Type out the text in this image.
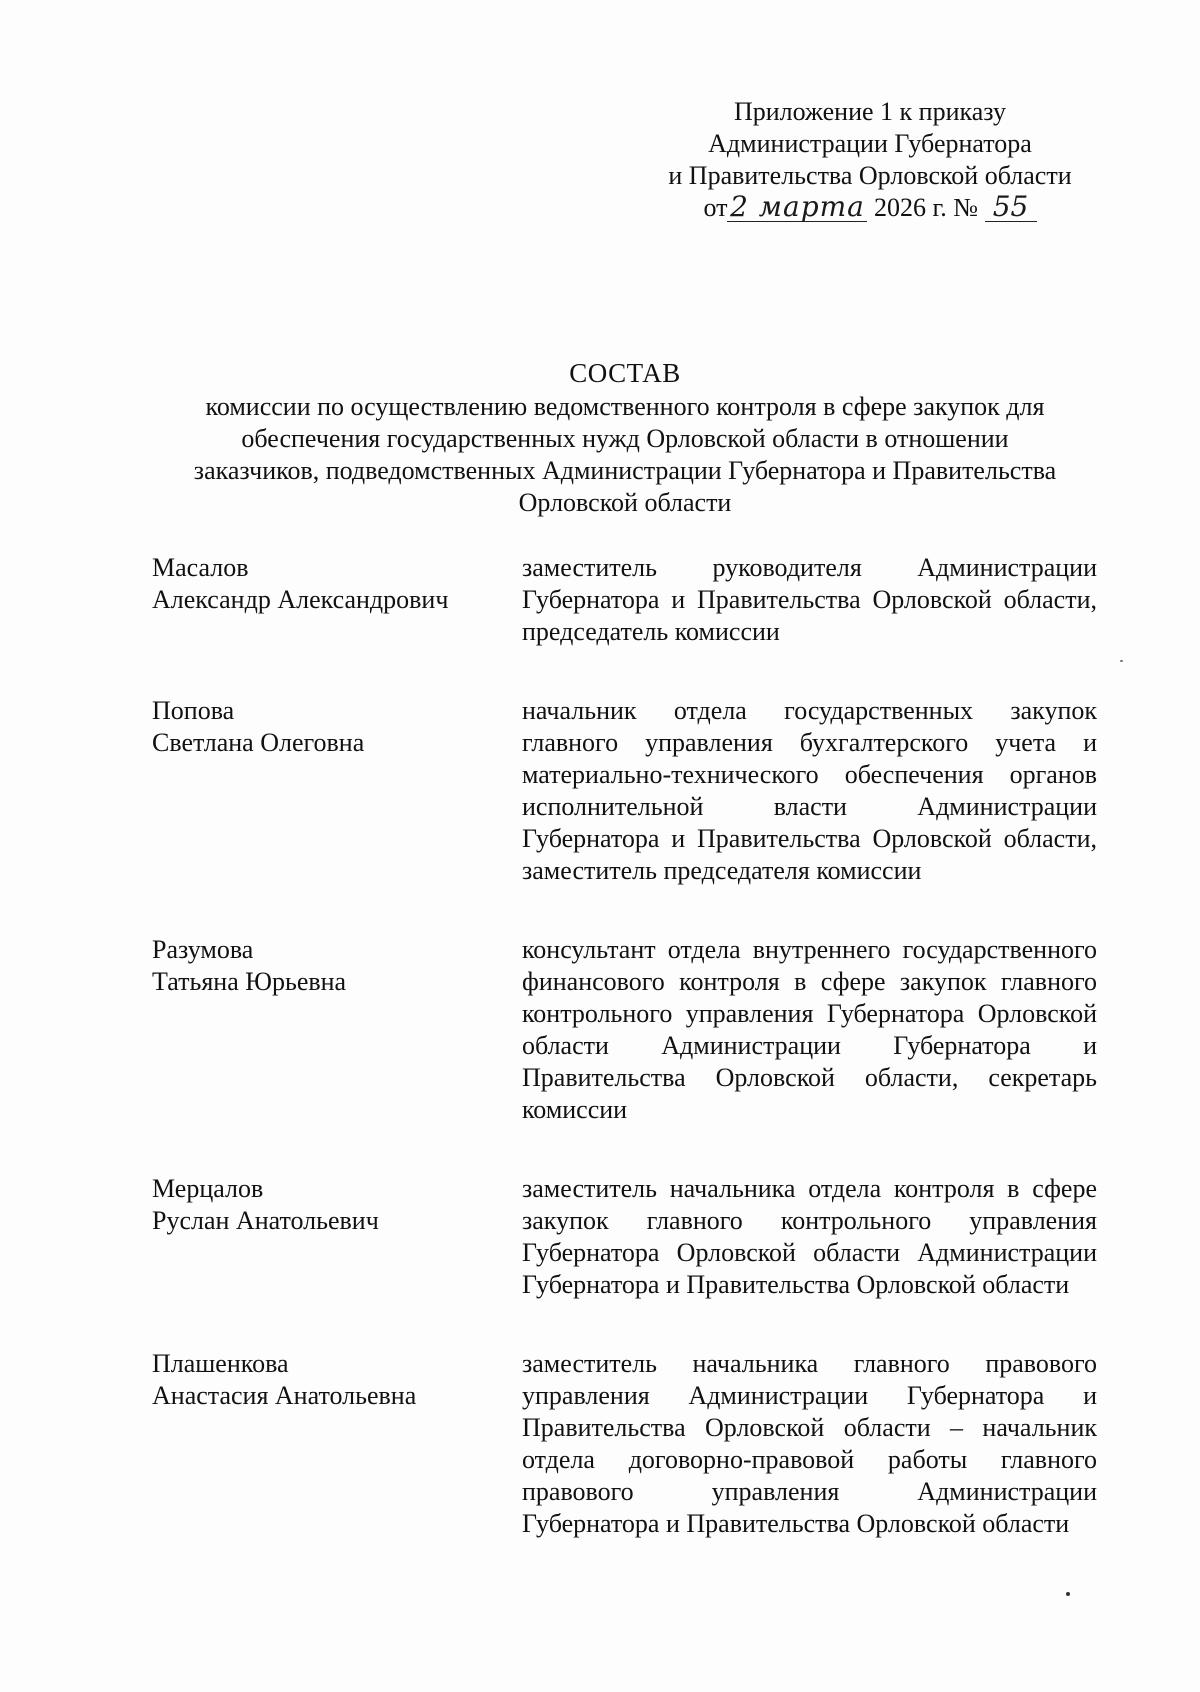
Приложение 1 к приказу
Администрации Губернатора
и Правительства Орловской области
от2 марта 2026 г. № 55
СОСТАВ
комиссии по осуществлению ведомственного контроля в сфере закупок для
обеспечения государственных нужд Орловской области в отношении
заказчиков, подведомственных Администрации Губернатора и Правительства
Орловской области
Масалов
Александр Александрович
заместитель руководителя Администрации Губернатора и Правительства Орловской области, председатель комиссии
Попова
Светлана Олеговна
начальник отдела государственных закупок главного управления бухгалтерского учета и материально-технического обеспечения органов исполнительной власти Администрации Губернатора и Правительства Орловской области, заместитель председателя комиссии
Разумова
Татьяна Юрьевна
консультант отдела внутреннего государственного финансового контроля в сфере закупок главного контрольного управления Губернатора Орловской области Администрации Губернатора и Правительства Орловской области, секретарь комиссии
Мерцалов
Руслан Анатольевич
заместитель начальника отдела контроля в сфере закупок главного контрольного управления Губернатора Орловской области Администрации Губернатора и Правительства Орловской области
Плашенкова
Анастасия Анатольевна
заместитель начальника главного правового управления Администрации Губернатора и Правительства Орловской области – начальник отдела договорно-правовой работы главного правового управления Администрации Губернатора и Правительства Орловской области
